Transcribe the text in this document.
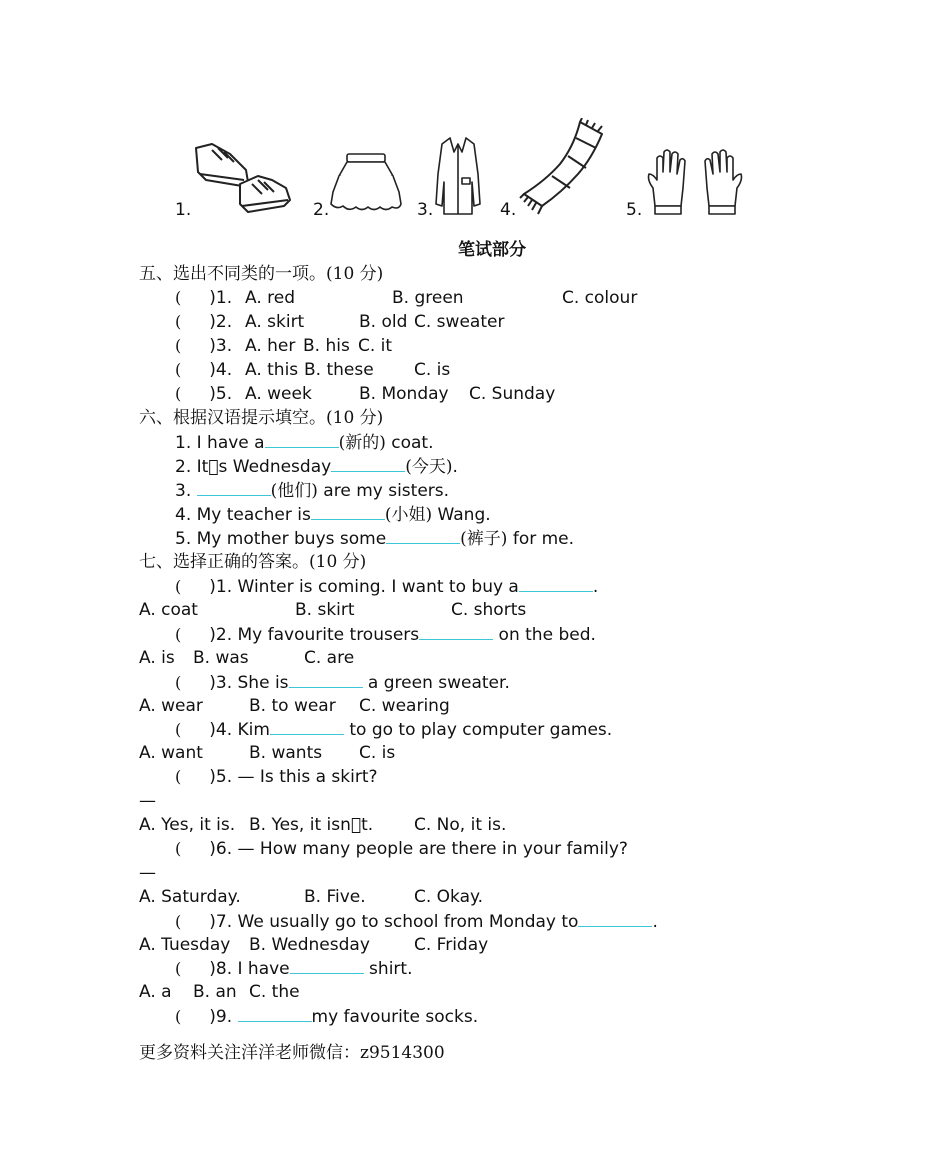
1.	2.	3.	4.	5.
笔试部分
五、选出不同类的一项。(10 分)
( )1. A. red	B. green	C. colour
( )2. A. skirt	B. old C. sweater
( )3. A. her B. his C. it
( )4. A. this B. these C. is
( )5. A. week	B. Monday C. Sunday
六、根据汉语提示填空。(10 分)
1. I have a	(新的) coat.
2. It s Wednesday	(今天).
3.	(他们) are my sisters.
4. My teacher is	(小姐) Wang.
5. My mother buys some	(裤子) for me.
七、选择正确的答案。(10 分)
( )1. Winter is coming. I want to buy a	.
A. coat	B. skirt	C. shorts
( )2. My favourite trousers	on the bed.
A. is B. was	C. are
( )3. She is	a green sweater.
A. wear	B. to wear C. wearing
( )4. Kim	to go to play computer games.
A. want	B. wants C. is
( )5. — Is this a skirt?
—
A. Yes, it is. B. Yes, it isn t. C. No, it is.
( )6. — How many people are there in your family?
—
A. Saturday.	B. Five.	C. Okay.
( )7. We usually go to school from Monday to	.
A. Tuesday B. Wednesday	C. Friday
( )8. I have	shirt.
A. a B. an C. the
( )9.	my favourite socks.
更多资料关注洋洋老师微信：z9514300
